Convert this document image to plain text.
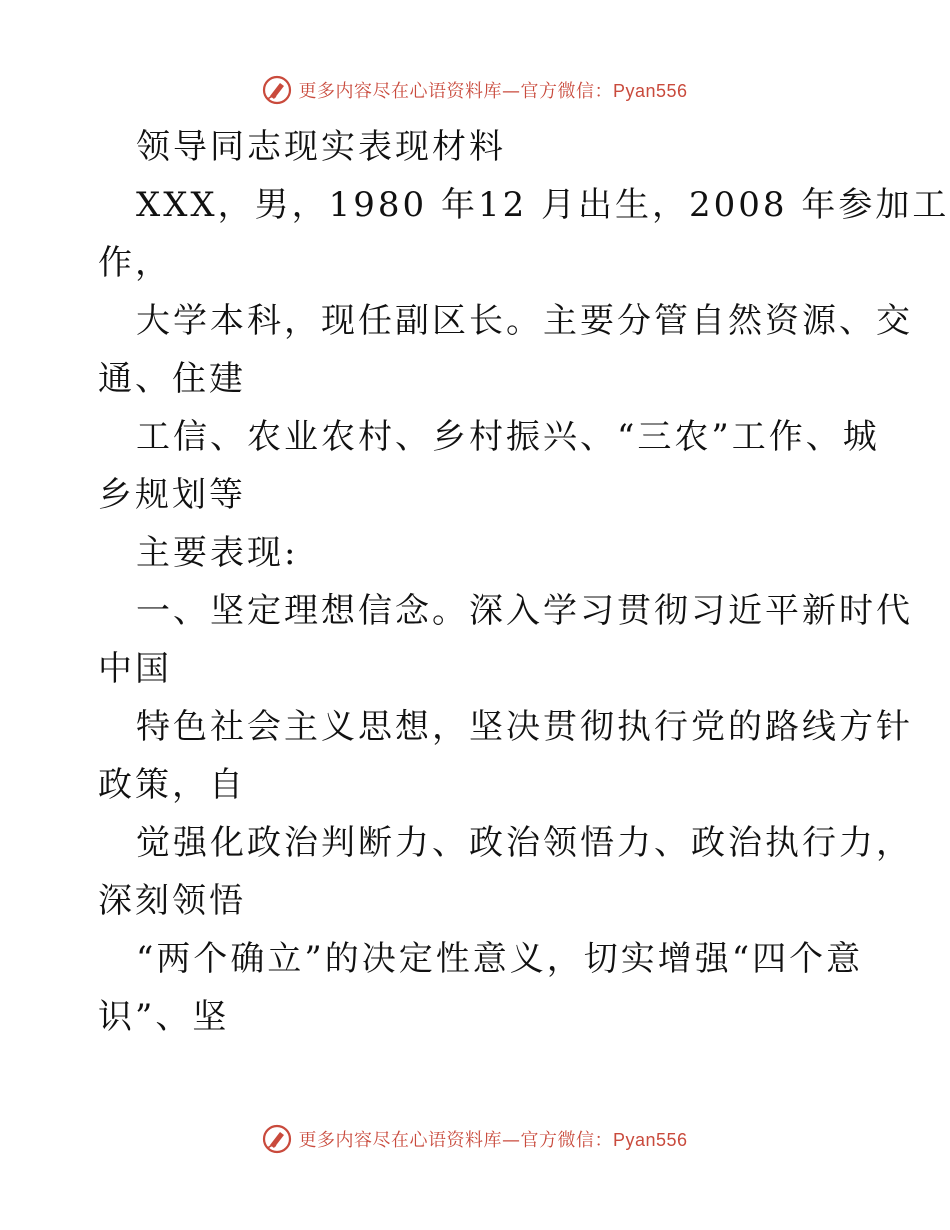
更多内容尽在心语资料库—官方微信：Pyan556
领导同志现实表现材料
XXX，男，1980 年12 月出生，2008 年参加工
作，
大学本科，现任副区长。主要分管自然资源、交
通、住建
工信、农业农村、乡村振兴、“三农”工作、城
乡规划等
主要表现:
一、坚定理想信念。深入学习贯彻习近平新时代
中国
特色社会主义思想，坚决贯彻执行党的路线方针
政策，自
觉强化政治判断力、政治领悟力、政治执行力，
深刻领悟
“两个确立”的决定性意义，切实增强“四个意
识”、坚
更多内容尽在心语资料库—官方微信：Pyan556
